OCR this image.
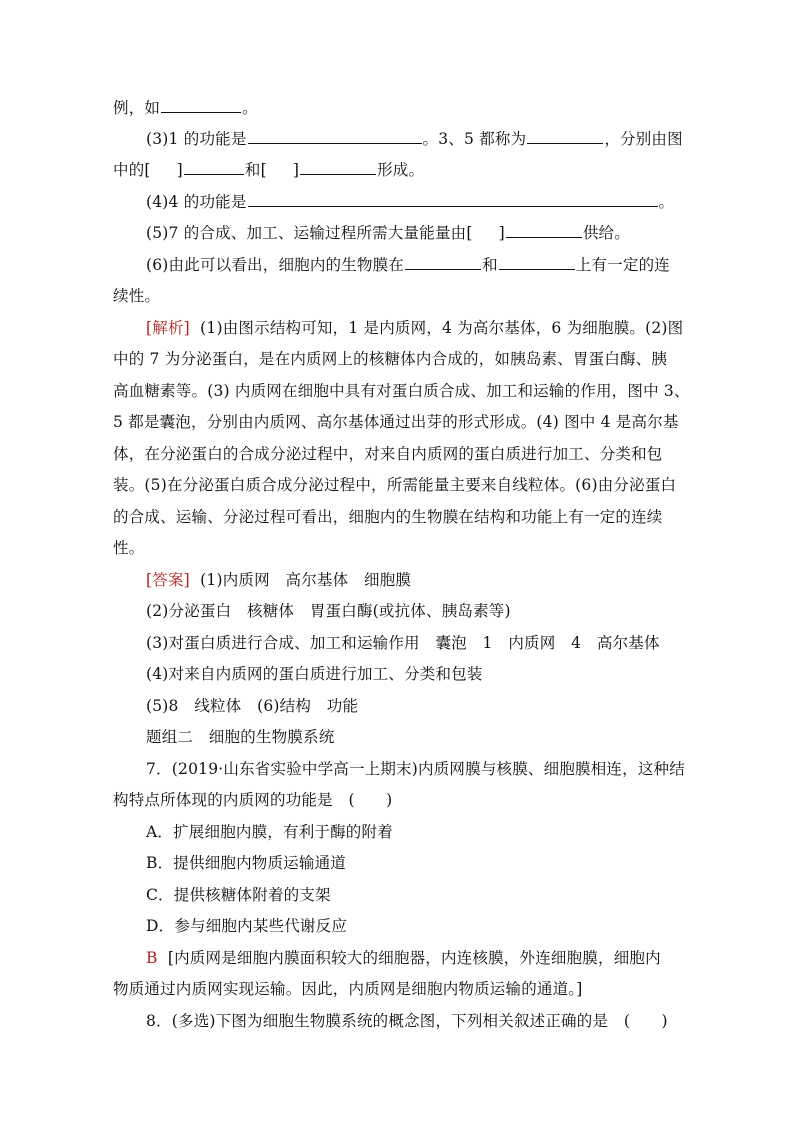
例，如	。
(3)1 的功能是	。3、5 都称为	，分别由图
中的[ ]	和[ ]	形成。
(4)4 的功能是	。
(5)7 的合成、加工、运输过程所需大量能量由[ ]	供给。
(6)由此可以看出，细胞内的生物膜在	和	上有一定的连
续性。
[解析] (1)由图示结构可知，1 是内质网，4 为高尔基体，6 为细胞膜。(2)图
中的 7 为分泌蛋白，是在内质网上的核糖体内合成的，如胰岛素、胃蛋白酶、胰
高血糖素等。(3) 内质网在细胞中具有对蛋白质合成、加工和运输的作用，图中 3、
5 都是囊泡，分别由内质网、高尔基体通过出芽的形式形成。(4) 图中 4 是高尔基
体，在分泌蛋白的合成分泌过程中，对来自内质网的蛋白质进行加工、分类和包
装。(5)在分泌蛋白质合成分泌过程中，所需能量主要来自线粒体。(6)由分泌蛋白
的合成、运输、分泌过程可看出，细胞内的生物膜在结构和功能上有一定的连续
性。
[答案] (1)内质网　高尔基体　细胞膜
(2)分泌蛋白　核糖体　胃蛋白酶(或抗体、胰岛素等)
(3)对蛋白质进行合成、加工和运输作用　囊泡　1　内质网　4　高尔基体
(4)对来自内质网的蛋白质进行加工、分类和包装
(5)8　线粒体　(6)结构　功能
题组二　细胞的生物膜系统
7．(2019·山东省实验中学高一上期末)内质网膜与核膜、细胞膜相连，这种结
构特点所体现的内质网的功能是　(　　)
A．扩展细胞内膜，有利于酶的附着
B．提供细胞内物质运输通道
C．提供核糖体附着的支架
D．参与细胞内某些代谢反应
B [内质网是细胞内膜面积较大的细胞器，内连核膜，外连细胞膜，细胞内
物质通过内质网实现运输。因此，内质网是细胞内物质运输的通道。]
8．(多选)下图为细胞生物膜系统的概念图，下列相关叙述正确的是　(　　)
